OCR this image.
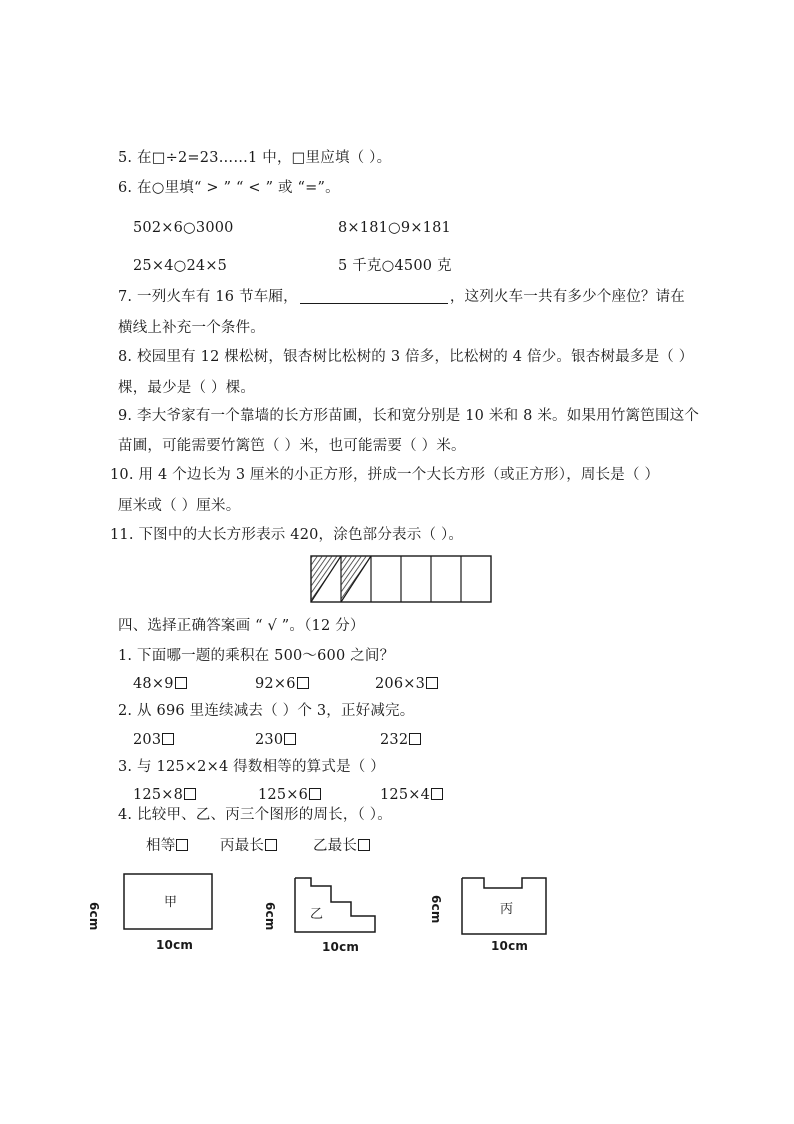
5. 在□÷2=23……1 中，□里应填（ ）。
6. 在○里填“ > ” “ < ” 或 “=”。
502×6○3000	8×181○9×181
25×4○24×5	5 千克○4500 克
7. 一列火车有 16 节车厢，	，这列火车一共有多少个座位？请在
横线上补充一个条件。
8. 校园里有 12 棵松树，银杏树比松树的 3 倍多，比松树的 4 倍少。银杏树最多是（ ）
棵，最少是（ ）棵。
9. 李大爷家有一个靠墙的长方形苗圃，长和宽分别是 10 米和 8 米。如果用竹篱笆围这个
苗圃，可能需要竹篱笆（ ）米，也可能需要（ ）米。
10. 用 4 个边长为 3 厘米的小正方形，拼成一个大长方形（或正方形），周长是（ ）
厘米或（ ）厘米。
11. 下图中的大长方形表示 420，涂色部分表示（ ）。
四、选择正确答案画 “ √ ”。（12 分）
1. 下面哪一题的乘积在 500～600 之间？
48×9	92×6	206×3
2. 从 696 里连续减去（ ）个 3，正好减完。
203	230	232
3. 与 125×2×4 得数相等的算式是（ ）
125×8	125×6	125×4
4. 比较甲、乙、丙三个图形的周长，（ ）。
相等	丙最长	乙最长
甲
6cm
10cm
乙
6cm
10cm
丙
6cm
10cm
